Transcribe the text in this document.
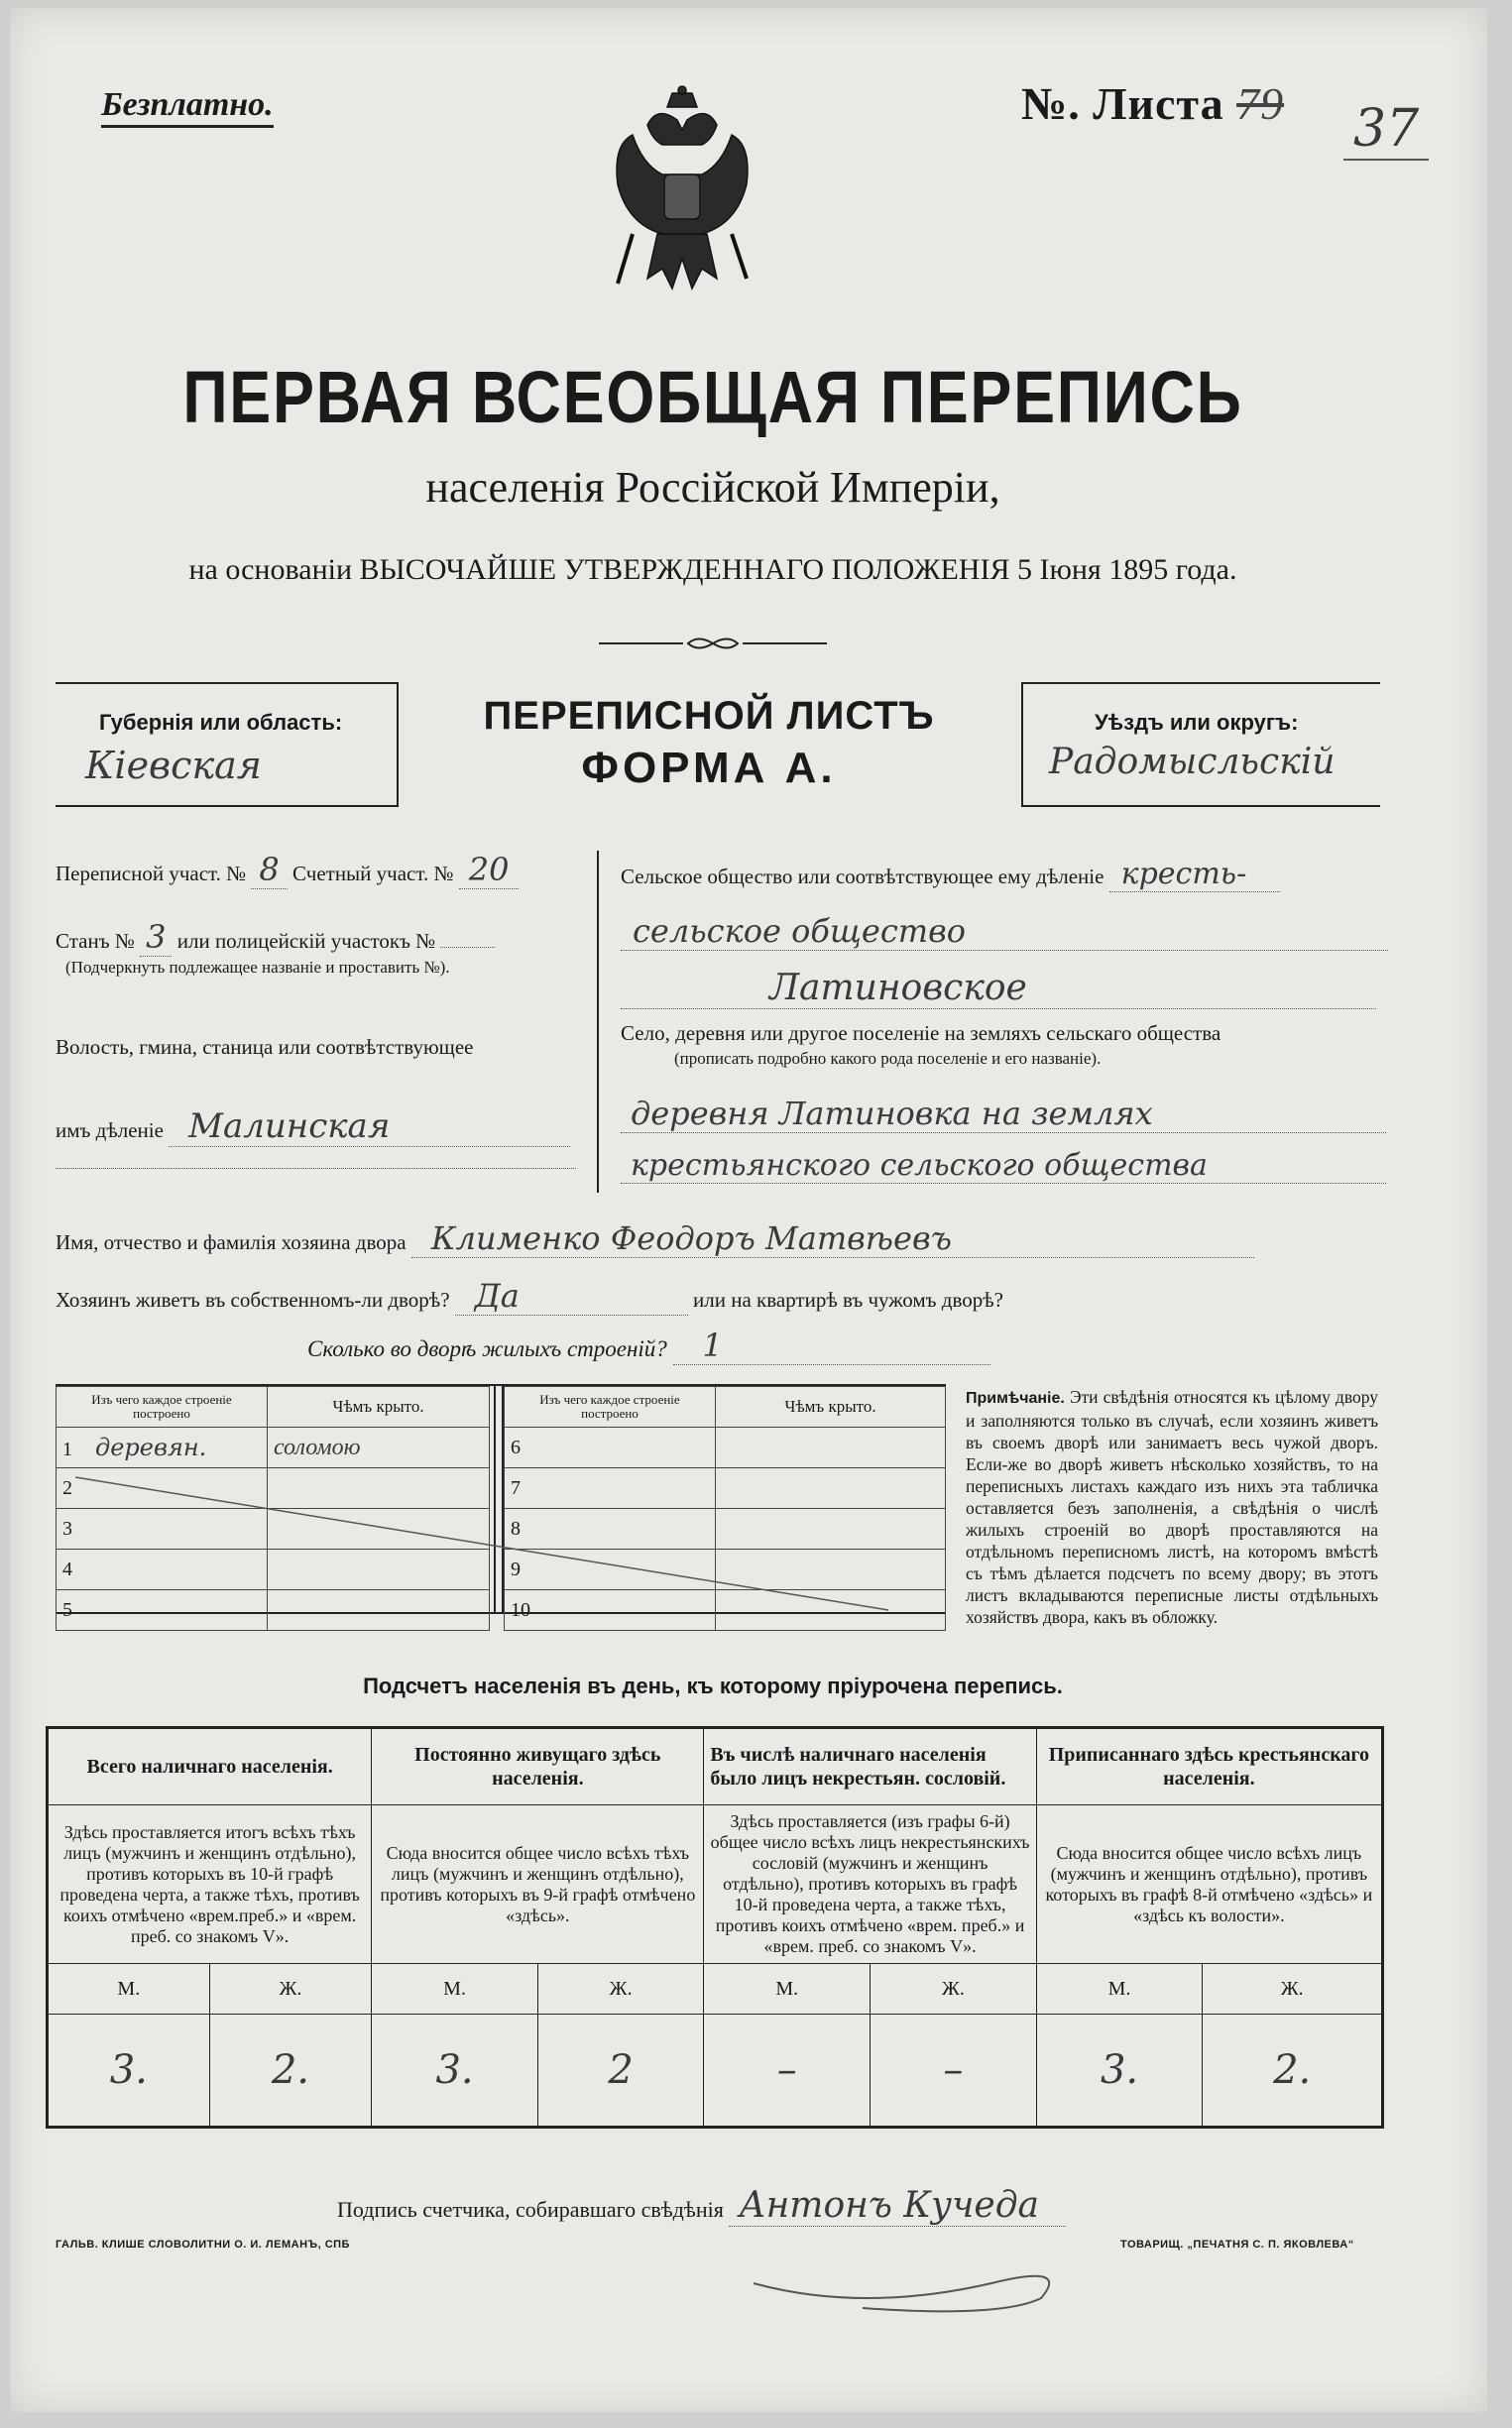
Безплатно.	№. Листа 79 37
ПЕРВАЯ ВСЕОБЩАЯ ПЕРЕПИСЬ
населенія Россійской Имперіи,
на основаніи ВЫСОЧАЙШЕ УТВЕРЖДЕННАГО ПОЛОЖЕНІЯ 5 Іюня 1895 года.
Губернія или область:
Кіевская
ПЕРЕПИСНОЙ ЛИСТЪ
ФОРМА А.
Уѣздъ или округъ:
Радомысльскій
Переписной участ. № 8 Счетный участ. № 20
Станъ № 3 или полицейскій участокъ №
(Подчеркнуть подлежащее названіе и проставить №).
Волость, гмина, станица или соотвѣтствующее
имъ дѣленіе Малинская
Сельское общество или соотвѣтствующее ему дѣленіе кресть-
сельское общество
Латиновское
Село, деревня или другое поселеніе на земляхъ сельскаго общества
(прописать подробно какого рода поселеніе и его названіе).
деревня Латиновка на землях
крестьянского сельского общества
Имя, отчество и фамилія хозяина двора Клименко Феодоръ Матвѣевъ
Хозяинъ живетъ въ собственномъ-ли дворѣ? Да	или на квартирѣ въ чужомъ дворѣ?
Сколько во дворѣ жилыхъ строеній? 1
Изъ чего каждое строеніе построено	Чѣмъ крыто.
1 деревян.	соломою
2	
3	
4	
5	
Изъ чего каждое строеніе построено	Чѣмъ крыто.
6	
7	
8	
9	
10	
Примѣчаніе. Эти свѣдѣнія относятся къ цѣлому двору и заполняются только въ случаѣ, если хозяинъ живетъ въ своемъ дворѣ или занимаетъ весь чужой дворъ. Если-же во дворѣ живетъ нѣсколько хозяйствъ, то на переписныхъ листахъ каждаго изъ нихъ эта табличка оставляется безъ заполненія, а свѣдѣнія о числѣ жилыхъ строеній во дворѣ проставляются на отдѣльномъ переписномъ листѣ, на которомъ вмѣстѣ съ тѣмъ дѣлается подсчетъ по всему двору; въ этотъ листъ вкладываются переписные листы отдѣльныхъ хозяйствъ двора, какъ въ обложку.
Подсчетъ населенія въ день, къ которому пріурочена перепись.
Всего наличнаго населенія.		Постоянно живущаго здѣсь населенія.		Въ числѣ наличнаго населенія было лицъ некрестьян. сословій.		Приписаннаго здѣсь крестьянскаго населенія.	
Здѣсь проставляется итогъ всѣхъ тѣхъ лицъ (мужчинъ и женщинъ отдѣльно), противъ которыхъ въ 10-й графѣ проведена черта, а также тѣхъ, противъ коихъ отмѣчено «врем.преб.» и «врем. преб. со знакомъ V».		Сюда вносится общее число всѣхъ тѣхъ лицъ (мужчинъ и женщинъ отдѣльно), противъ которыхъ въ 9-й графѣ отмѣчено «здѣсь».		Здѣсь проставляется (изъ графы 6-й) общее число всѣхъ лицъ некрестьянскихъ сословій (мужчинъ и женщинъ отдѣльно), противъ которыхъ въ графѣ 10-й проведена черта, а также тѣхъ, противъ коихъ отмѣчено «врем. преб.» и «врем. преб. со знакомъ V».		Сюда вносится общее число всѣхъ лицъ (мужчинъ и женщинъ отдѣльно), противъ которыхъ въ графѣ 8-й отмѣчено «здѣсь» и «здѣсь къ волости».	
М.	Ж.	М.	Ж.	М.	Ж.	М.	Ж.
3.	2.	3.	2	–	–	3.	2.
Подпись счетчика, собиравшаго свѣдѣнія Антонъ Кучеда
ГАЛЬВ. КЛИШЕ СЛОВОЛИТНИ О. И. ЛЕМАНЪ, СПБ	ТОВАРИЩ. „ПЕЧАТНЯ С. П. ЯКОВЛЕВА“
